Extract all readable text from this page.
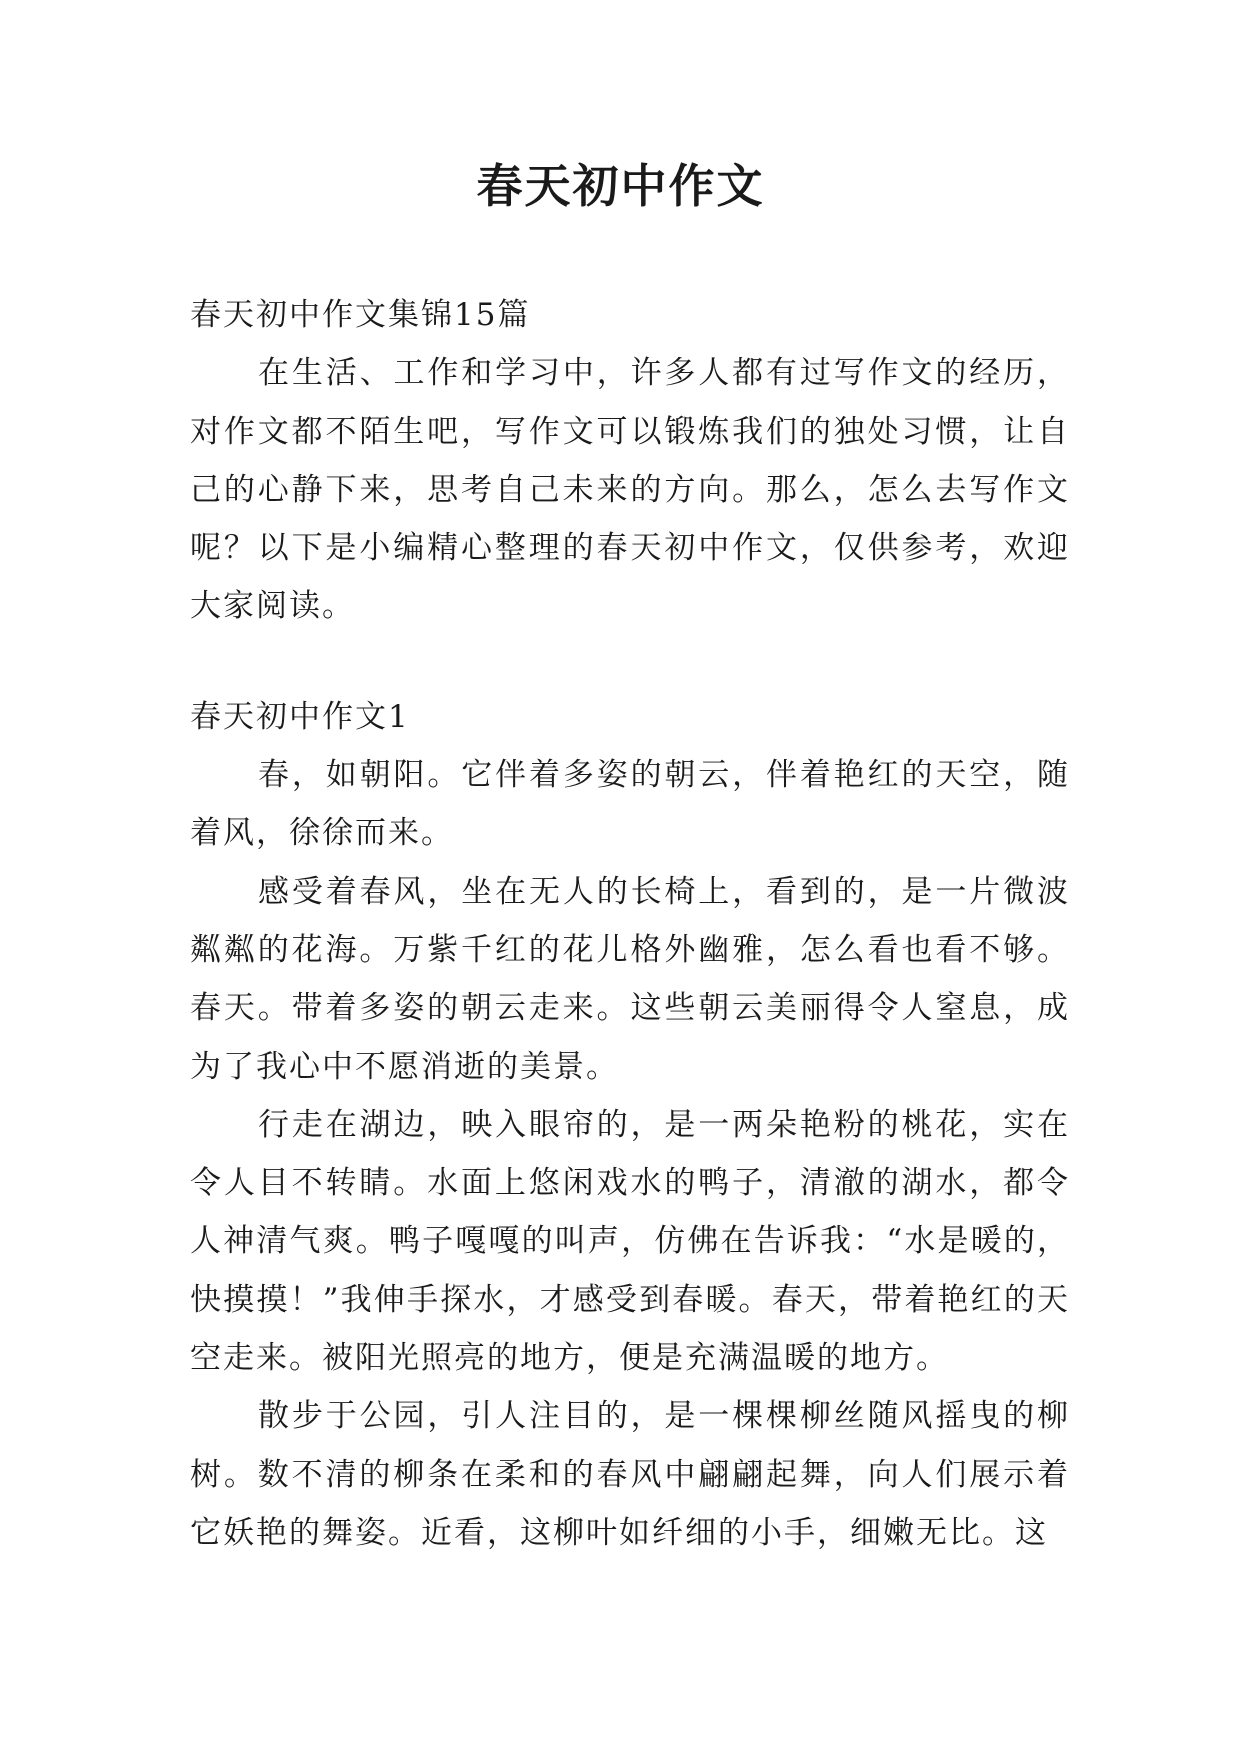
春天初中作文

春天初中作文集锦15篇

在生活、工作和学习中，许多人都有过写作文的经历，对作文都不陌生吧，写作文可以锻炼我们的独处习惯，让自己的心静下来，思考自己未来的方向。那么，怎么去写作文呢？以下是小编精心整理的春天初中作文，仅供参考，欢迎大家阅读。

春天初中作文1

春，如朝阳。它伴着多姿的朝云，伴着艳红的天空，随着风，徐徐而来。

感受着春风，坐在无人的长椅上，看到的，是一片微波粼粼的花海。万紫千红的花儿格外幽雅，怎么看也看不够。春天。带着多姿的朝云走来。这些朝云美丽得令人窒息，成为了我心中不愿消逝的美景。

行走在湖边，映入眼帘的，是一两朵艳粉的桃花，实在令人目不转睛。水面上悠闲戏水的鸭子，清澈的湖水，都令人神清气爽。鸭子嘎嘎的叫声，仿佛在告诉我：“水是暖的，快摸摸！”我伸手探水，才感受到春暖。春天，带着艳红的天空走来。被阳光照亮的地方，便是充满温暖的地方。

散步于公园，引人注目的，是一棵棵柳丝随风摇曳的柳树。数不清的柳条在柔和的春风中翩翩起舞，向人们展示着它妖艳的舞姿。近看，这柳叶如纤细的小手，细嫩无比。这
